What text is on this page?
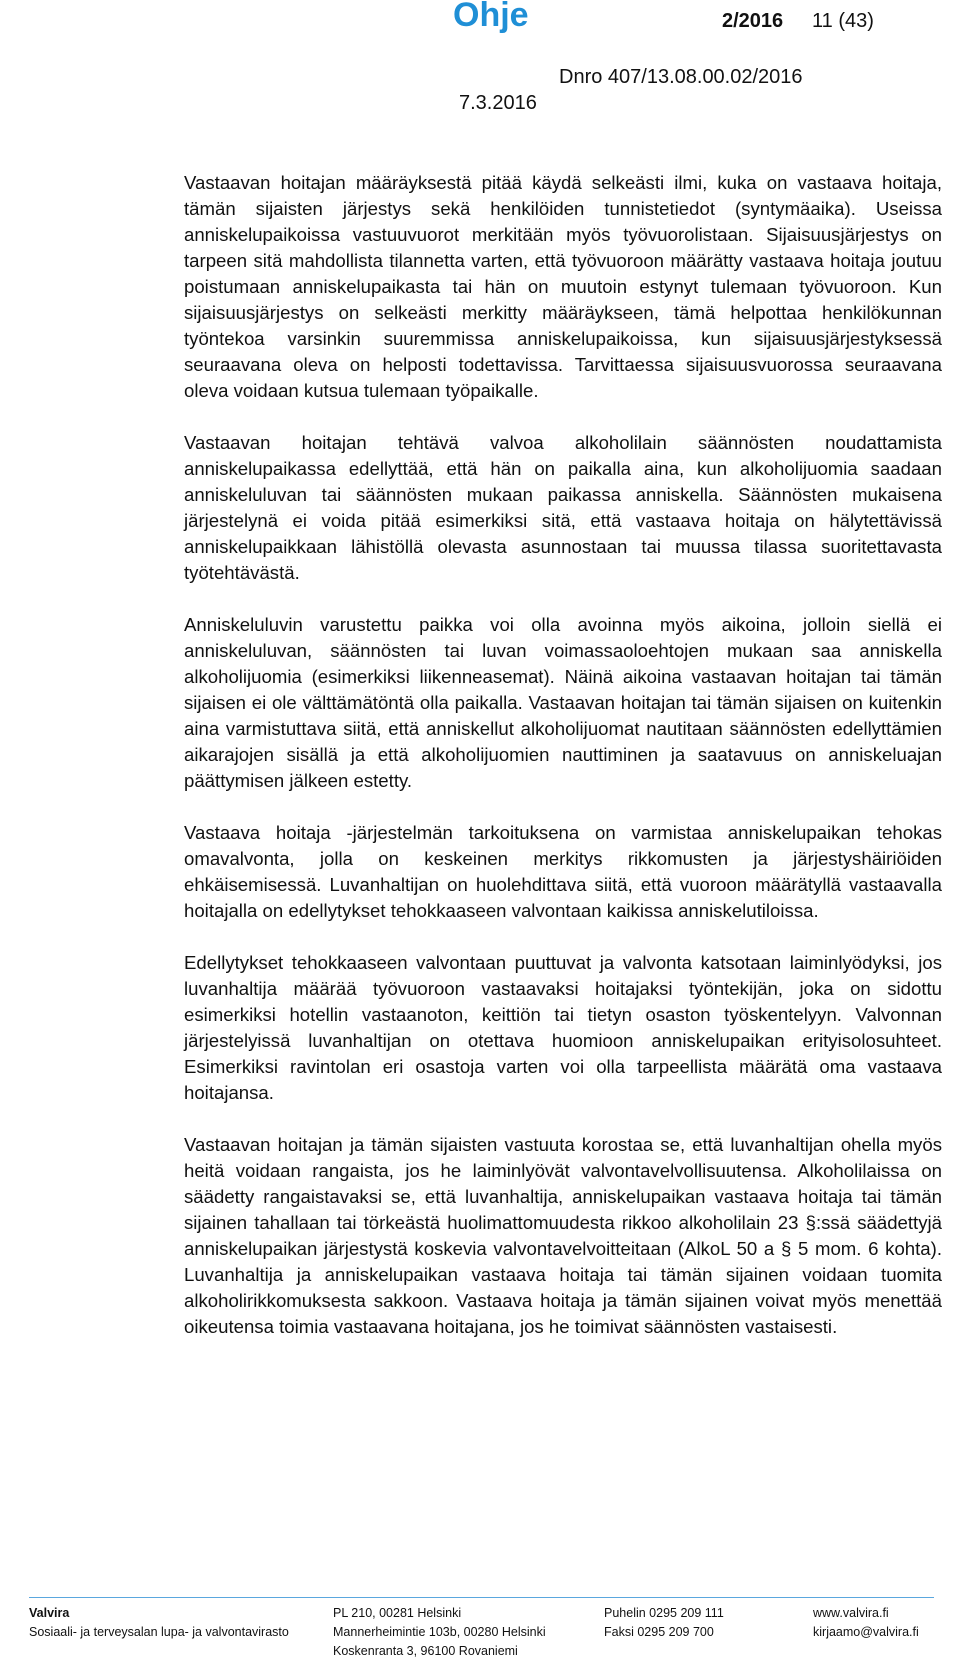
Ohje	2/2016 11 (43)
Dnro 407/13.08.00.02/2016
7.3.2016

Vastaavan hoitajan määräyksestä pitää käydä selkeästi ilmi, kuka on vastaava hoitaja, tämän sijaisten järjestys sekä henkilöiden tunnistetiedot (syntymäaika). Useissa anniskelupaikoissa vastuuvuorot merkitään myös työvuorolistaan. Sijaisuusjärjestys on tarpeen sitä mahdollista tilannetta varten, että työvuoroon määrätty vastaava hoitaja joutuu poistumaan anniskelupaikasta tai hän on muutoin estynyt tulemaan työvuoroon. Kun sijaisuusjärjestys on selkeästi merkitty määräykseen, tämä helpottaa henkilökunnan työntekoa varsinkin suuremmissa anniskelupaikoissa, kun sijaisuusjärjestyksessä seuraavana oleva on helposti todettavissa. Tarvittaessa sijaisuusvuorossa seuraavana oleva voidaan kutsua tulemaan työpaikalle.

Vastaavan hoitajan tehtävä valvoa alkoholilain säännösten noudattamista anniskelupaikassa edellyttää, että hän on paikalla aina, kun alkoholijuomia saadaan anniskeluluvan tai säännösten mukaan paikassa anniskella. Säännösten mukaisena järjestelynä ei voida pitää esimerkiksi sitä, että vastaava hoitaja on hälytettävissä anniskelupaikkaan lähistöllä olevasta asunnostaan tai muussa tilassa suoritettavasta työtehtävästä.

Anniskeluluvin varustettu paikka voi olla avoinna myös aikoina, jolloin siellä ei anniskeluluvan, säännösten tai luvan voimassaoloehtojen mukaan saa anniskella alkoholijuomia (esimerkiksi liikenneasemat). Näinä aikoina vastaavan hoitajan tai tämän sijaisen ei ole välttämätöntä olla paikalla. Vastaavan hoitajan tai tämän sijaisen on kuitenkin aina varmistuttava siitä, että anniskellut alkoholijuomat nautitaan säännösten edellyttämien aikarajojen sisällä ja että alkoholijuomien nauttiminen ja saatavuus on anniskeluajan päättymisen jälkeen estetty.

Vastaava hoitaja -järjestelmän tarkoituksena on varmistaa anniskelupaikan tehokas omavalvonta, jolla on keskeinen merkitys rikkomusten ja järjestyshäiriöiden ehkäisemisessä. Luvanhaltijan on huolehdittava siitä, että vuoroon määrätyllä vastaavalla hoitajalla on edellytykset tehokkaaseen valvontaan kaikissa anniskelutiloissa.

Edellytykset tehokkaaseen valvontaan puuttuvat ja valvonta katsotaan laiminlyödyksi, jos luvanhaltija määrää työvuoroon vastaavaksi hoitajaksi työntekijän, joka on sidottu esimerkiksi hotellin vastaanoton, keittiön tai tietyn osaston työskentelyyn. Valvonnan järjestelyissä luvanhaltijan on otettava huomioon anniskelupaikan erityisolosuhteet. Esimerkiksi ravintolan eri osastoja varten voi olla tarpeellista määrätä oma vastaava hoitajansa.

Vastaavan hoitajan ja tämän sijaisten vastuuta korostaa se, että luvanhaltijan ohella myös heitä voidaan rangaista, jos he laiminlyövät valvontavelvollisuutensa. Alkoholilaissa on säädetty rangaistavaksi se, että luvanhaltija, anniskelupaikan vastaava hoitaja tai tämän sijainen tahallaan tai törkeästä huolimattomuudesta rikkoo alkoholilain 23 §:ssä säädettyjä anniskelupaikan järjestystä koskevia valvontavelvoitteitaan (AlkoL 50 a § 5 mom. 6 kohta). Luvanhaltija ja anniskelupaikan vastaava hoitaja tai tämän sijainen voidaan tuomita alkoholirikkomuksesta sakkoon. Vastaava hoitaja ja tämän sijainen voivat myös menettää oikeutensa toimia vastaavana hoitajana, jos he toimivat säännösten vastaisesti.

Valvira
Sosiaali- ja terveysalan lupa- ja valvontavirasto
PL 210, 00281 Helsinki
Mannerheimintie 103b, 00280 Helsinki
Koskenranta 3, 96100 Rovaniemi
Puhelin 0295 209 111
Faksi 0295 209 700
www.valvira.fi
kirjaamo@valvira.fi
